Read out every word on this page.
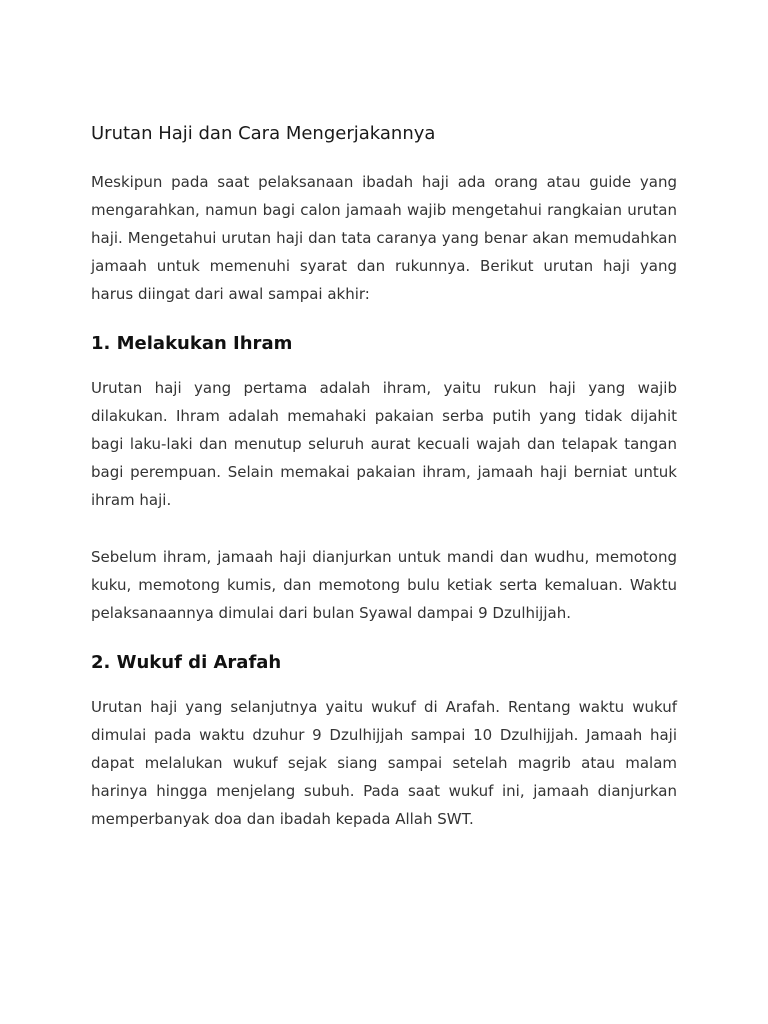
Urutan Haji dan Cara Mengerjakannya

Meskipun pada saat pelaksanaan ibadah haji ada orang atau guide yang mengarahkan, namun bagi calon jamaah wajib mengetahui rangkaian urutan haji. Mengetahui urutan haji dan tata caranya yang benar akan memudahkan jamaah untuk memenuhi syarat dan rukunnya. Berikut urutan haji yang harus diingat dari awal sampai akhir:

1. Melakukan Ihram

Urutan haji yang pertama adalah ihram, yaitu rukun haji yang wajib dilakukan. Ihram adalah memahaki pakaian serba putih yang tidak dijahit bagi laku-laki dan menutup seluruh aurat kecuali wajah dan telapak tangan bagi perempuan. Selain memakai pakaian ihram, jamaah haji berniat untuk ihram haji.

Sebelum ihram, jamaah haji dianjurkan untuk mandi dan wudhu, memotong kuku, memotong kumis, dan memotong bulu ketiak serta kemaluan. Waktu pelaksanaannya dimulai dari bulan Syawal dampai 9 Dzulhijjah.

2. Wukuf di Arafah

Urutan haji yang selanjutnya yaitu wukuf di Arafah. Rentang waktu wukuf dimulai pada waktu dzuhur 9 Dzulhijjah sampai 10 Dzulhijjah. Jamaah haji dapat melalukan wukuf sejak siang sampai setelah magrib atau malam harinya hingga menjelang subuh. Pada saat wukuf ini, jamaah dianjurkan memperbanyak doa dan ibadah kepada Allah SWT.
